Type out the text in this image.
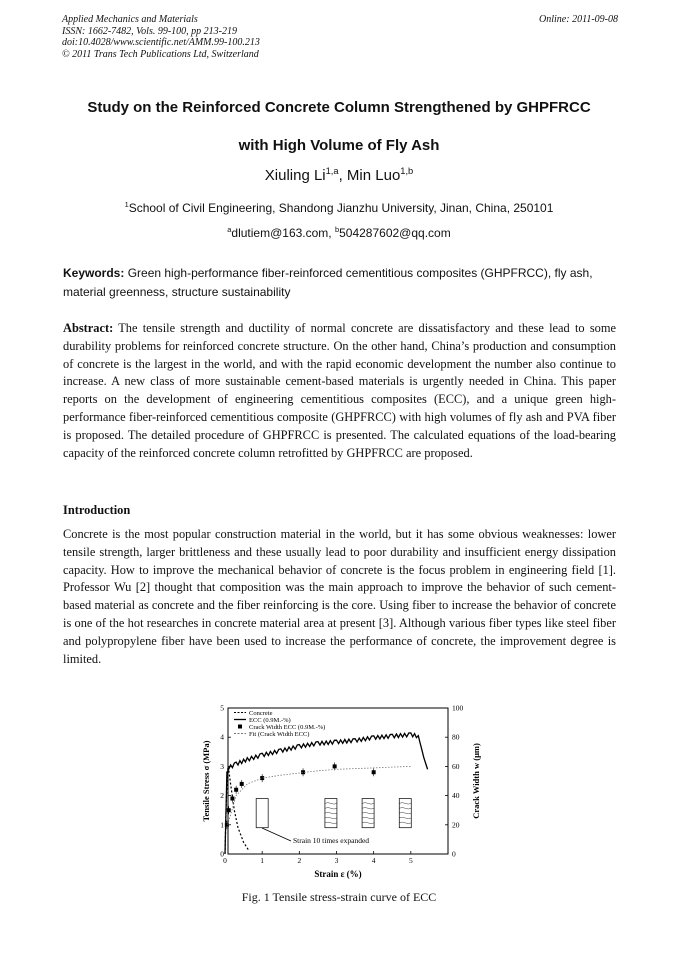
Applied Mechanics and Materials
ISSN: 1662-7482, Vols. 99-100, pp 213-219
doi:10.4028/www.scientific.net/AMM.99-100.213
© 2011 Trans Tech Publications Ltd, Switzerland
Online: 2011-09-08
Study on the Reinforced Concrete Column Strengthened by GHPFRCC
with High Volume of Fly Ash
Xiuling Li$^{1,a}$, Min Luo$^{1,b}$
$^1$School of Civil Engineering, Shandong Jianzhu University, Jinan, China, 250101
$^a$dlutiem@163.com, $^b$504287602@qq.com
Keywords: Green high-performance fiber-reinforced cementitious composites (GHPFRCC), fly ash, material greenness, structure sustainability
Abstract: The tensile strength and ductility of normal concrete are dissatisfactory and these lead to some durability problems for reinforced concrete structure. On the other hand, China’s production and consumption of concrete is the largest in the world, and with the rapid economic development the number also continue to increase. A new class of more sustainable cement-based materials is urgently needed in China. This paper reports on the development of engineering cementitious composites (ECC), and a unique green high-performance fiber-reinforced cementitious composite (GHPFRCC) with high volumes of fly ash and PVA fiber is proposed. The detailed procedure of GHPFRCC is presented. The calculated equations of the load-bearing capacity of the reinforced concrete column retrofitted by GHPFRCC are proposed.
Introduction
Concrete is the most popular construction material in the world, but it has some obvious weaknesses: lower tensile strength, larger brittleness and these usually lead to poor durability and insufficient energy dissipation capacity. How to improve the mechanical behavior of concrete is the focus problem in engineering field [1]. Professor Wu [2] thought that composition was the main approach to improve the behavior of such cement-based material as concrete and the fiber reinforcing is the core. Using fiber to increase the behavior of concrete is one of the hot researches in concrete material area at present [3]. Although various fiber types like steel fiber and polypropylene fiber have been used to increase the performance of concrete, the improvement degree is limited.
0	1	2	3	4	5
0
1
2
3
4
5
0
20
40
60
80
100
Concrete
ECC (0.9M.-%)
Crack Width ECC (0.9M.-%)
Fit (Crack Width ECC)
Strain 10 times expanded
Strain ε (%)
Tensile Stress σ (MPa)	Crack Width w (μm)
Fig. 1 Tensile stress-strain curve of ECC
